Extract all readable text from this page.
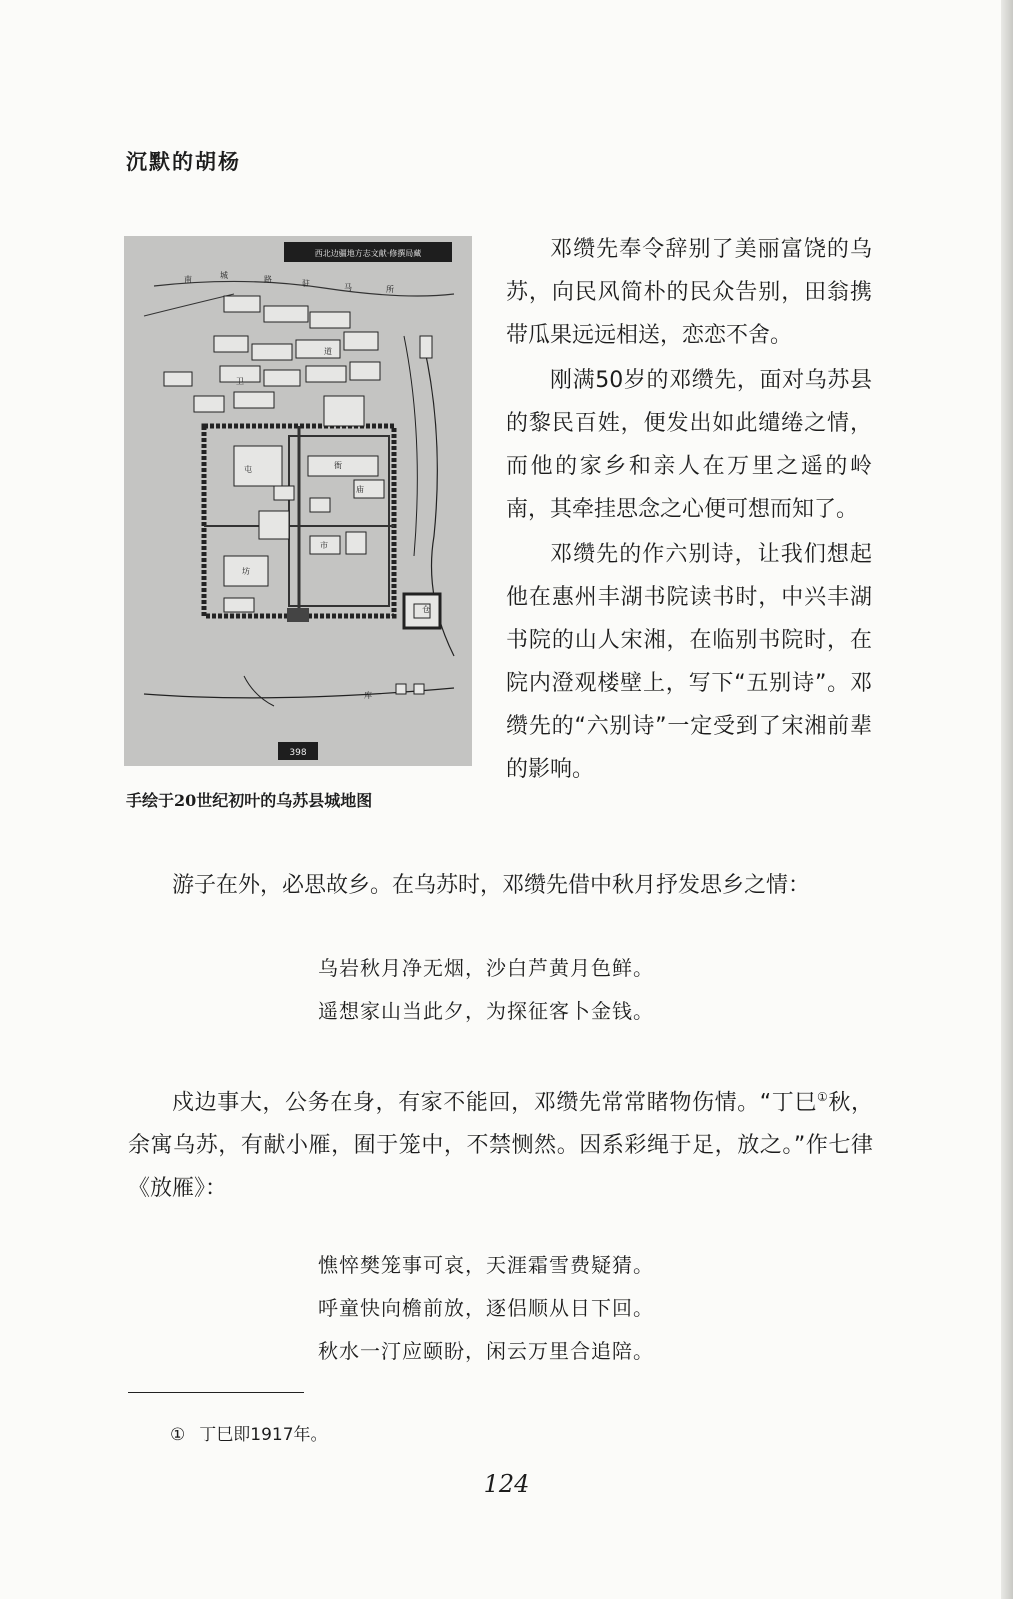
沉默的胡杨
西北边疆地方志文献·修撰局藏
南	城	路	驻	马	所
道
卫
屯	衙
庙
坊
市
仓
库
398
手绘于20世纪初叶的乌苏县城地图

邓缵先奉令辞别了美丽富饶的乌苏，向民风简朴的民众告别，田翁携带瓜果远远相送，恋恋不舍。

刚满50岁的邓缵先，面对乌苏县的黎民百姓，便发出如此缱绻之情，而他的家乡和亲人在万里之遥的岭南，其牵挂思念之心便可想而知了。

邓缵先的作六别诗，让我们想起他在惠州丰湖书院读书时，中兴丰湖书院的山人宋湘，在临别书院时，在院内澄观楼壁上，写下“五别诗”。邓缵先的“六别诗”一定受到了宋湘前辈的影响。

游子在外，必思故乡。在乌苏时，邓缵先借中秋月抒发思乡之情：

乌岩秋月净无烟，沙白芦黄月色鲜。
遥想家山当此夕，为探征客卜金钱。

戍边事大，公务在身，有家不能回，邓缵先常常睹物伤情。“丁巳①秋，余寓乌苏，有献小雁，囿于笼中，不禁恻然。因系彩绳于足，放之。”作七律《放雁》：

憔悴樊笼事可哀，天涯霜雪费疑猜。
呼童快向檐前放，逐侣顺从日下回。
秋水一汀应颐盼，闲云万里合追陪。
① 丁巳即1917年。
124
